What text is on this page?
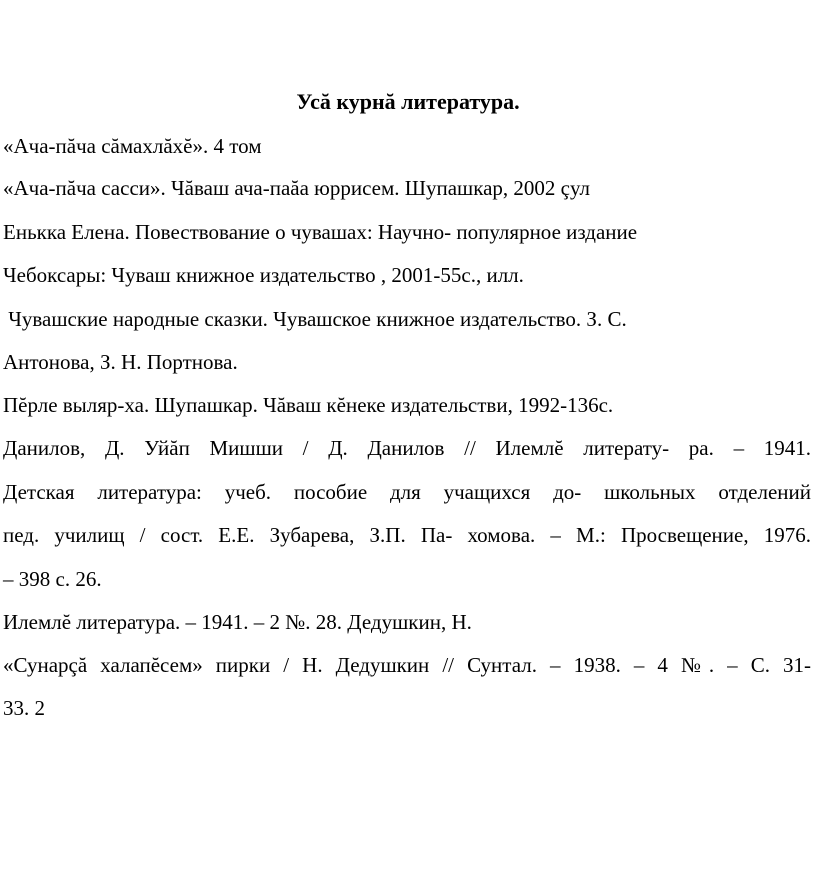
Усă курнă литература.
«Ача-пăча сăмахлăхĕ». 4 том
«Ача-пăча сасси». Чăваш ача-паăа юррисем. Шупашкар, 2002 çул
Енькка Елена. Повествование о чувашах: Научно- популярное издание
Чебоксары: Чуваш книжное издательство , 2001-55с., илл.
Чувашские народные сказки. Чувашское книжное издательство. З. С.
Антонова, З. Н. Портнова.
Пĕрле выляр-ха. Шупашкар. Чăваш кĕнеке издательстви, 1992-136с.
Данилов, Д. Уйăп Мишши / Д. Данилов // Илемлĕ литерату- ра. – 1941.
Детская литература: учеб. пособие для учащихся до- школьных отделений
пед. училищ / сост. Е.Е. Зубарева, З.П. Па- хомова. – М.: Просвещение, 1976.
– 398 с. 26.
Илемлĕ литература. – 1941. – 2 №. 28. Дедушкин, Н.
«Сунарçă халапĕсем» пирки / Н. Дедушкин // Сунтал. – 1938. – 4 №. – С. 31-
33. 2
